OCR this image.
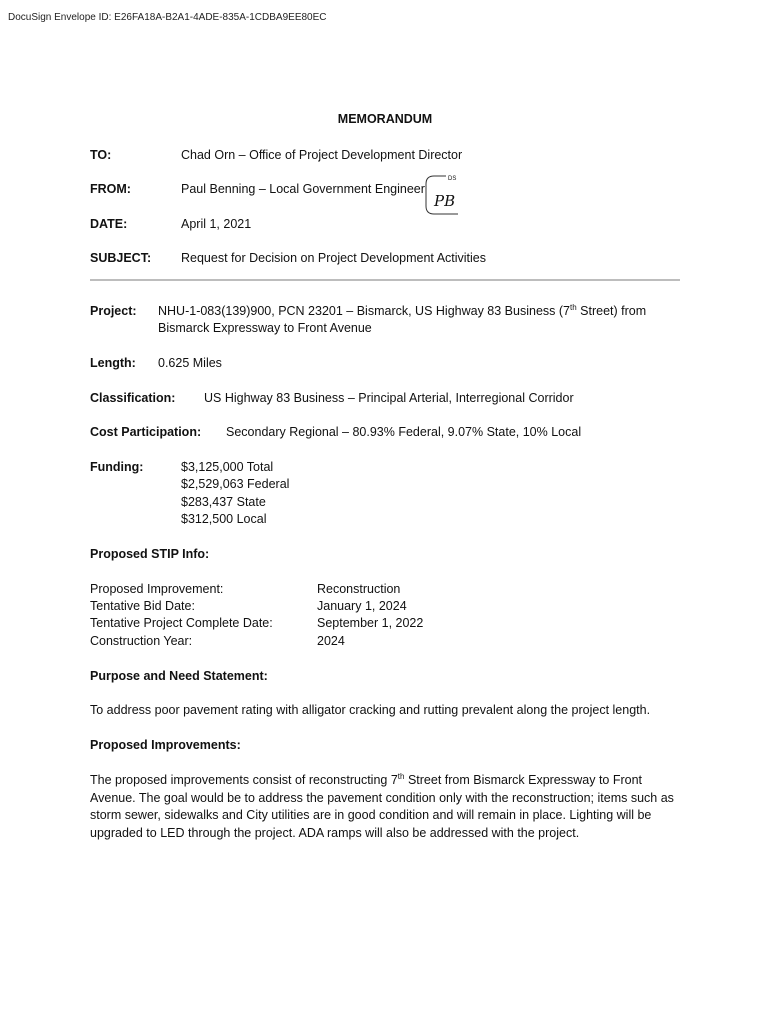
DocuSign Envelope ID: E26FA18A-B2A1-4ADE-835A-1CDBA9EE80EC
MEMORANDUM
TO:	Chad Orn – Office of Project Development Director
FROM:	Paul Benning – Local Government Engineer
PB
DS
DATE:	April 1, 2021
SUBJECT: Request for Decision on Project Development Activities
Project: NHU-1-083(139)900, PCN 23201 – Bismarck, US Highway 83 Business (7th Street) from
Bismarck Expressway to Front Avenue
Length: 0.625 Miles
Classification: US Highway 83 Business – Principal Arterial, Interregional Corridor
Cost Participation: Secondary Regional – 80.93% Federal, 9.07% State, 10% Local
Funding:	$3,125,000 Total
$2,529,063 Federal
$283,437 State
$312,500 Local
Proposed STIP Info:
Proposed Improvement:	Reconstruction
Tentative Bid Date:	January 1, 2024
Tentative Project Complete Date:	September 1, 2022
Construction Year:	2024
Purpose and Need Statement:
To address poor pavement rating with alligator cracking and rutting prevalent along the project length.
Proposed Improvements:
The proposed improvements consist of reconstructing 7th Street from Bismarck Expressway to Front Avenue. The goal would be to address the pavement condition only with the reconstruction; items such as storm sewer, sidewalks and City utilities are in good condition and will remain in place. Lighting will be upgraded to LED through the project. ADA ramps will also be addressed with the project.
